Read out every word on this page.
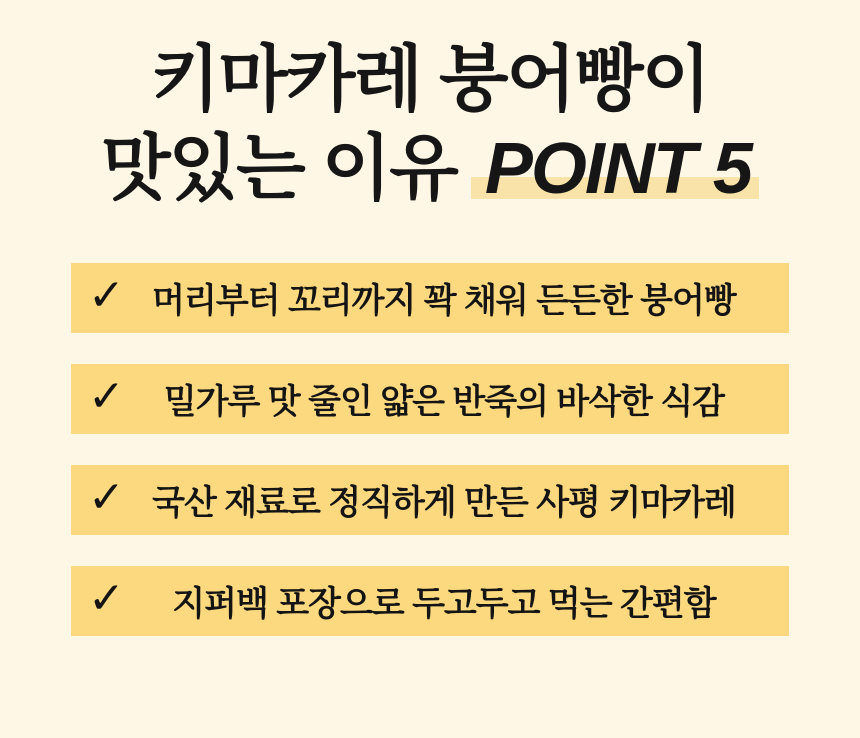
키마카레 붕어빵이
맛있는 이유 POINT 5
✓ 머리부터 꼬리까지 꽉 채워 든든한 붕어빵
✓	밀가루 맛 줄인 얇은 반죽의 바삭한 식감
✓ 국산 재료로 정직하게 만든 사평 키마카레
✓	지퍼백 포장으로 두고두고 먹는 간편함
